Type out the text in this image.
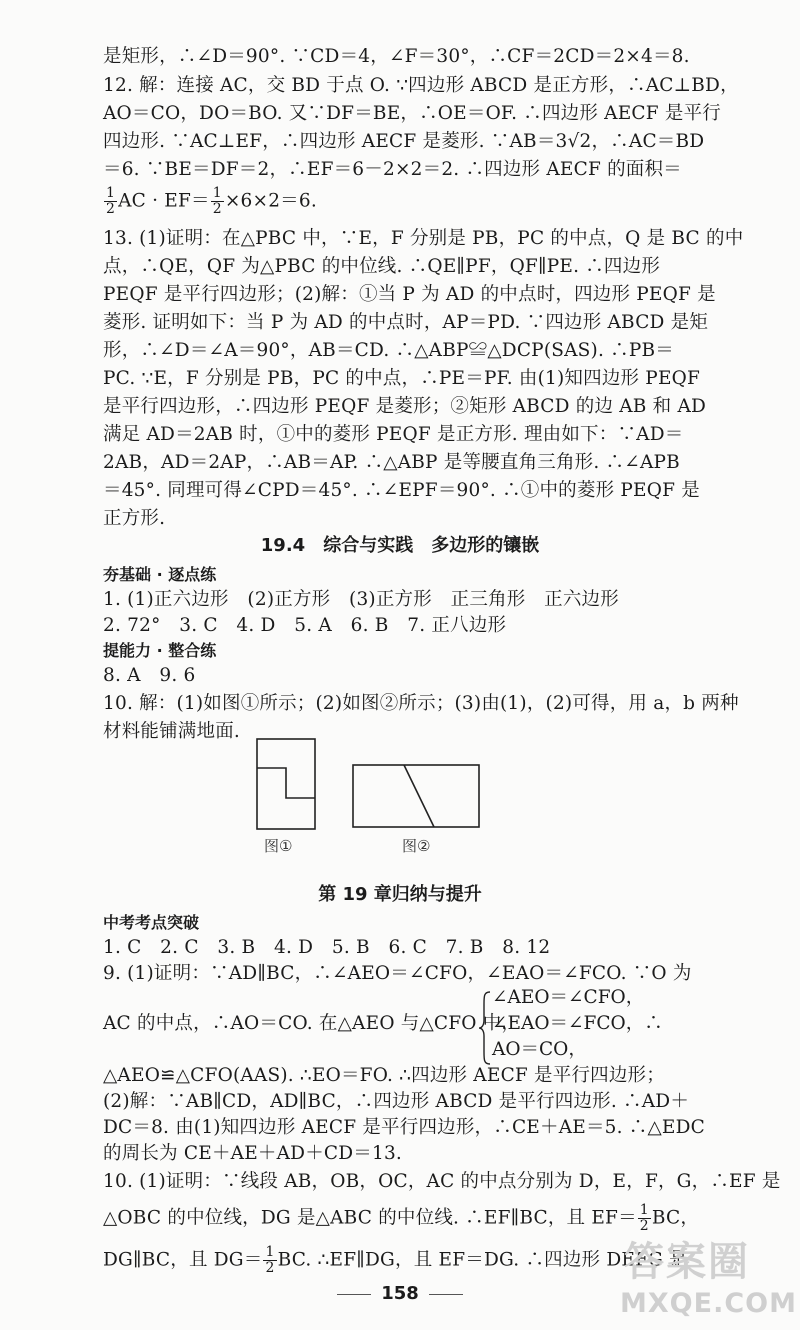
是矩形，∴∠D＝90°. ∵CD＝4，∠F＝30°，∴CF＝2CD＝2×4＝8.
12. 解：连接 AC，交 BD 于点 O. ∵四边形 ABCD 是正方形，∴AC⊥BD，
AO＝CO，DO＝BO. 又∵DF＝BE，∴OE＝OF. ∴四边形 AECF 是平行
四边形. ∵AC⊥EF，∴四边形 AECF 是菱形. ∵AB＝3√2，∴AC＝BD
＝6. ∵BE＝DF＝2，∴EF＝6－2×2＝2. ∴四边形 AECF 的面积＝
$\frac{1}{2}$ AC · $EF= \frac{1}{2} \times 6\times 2=6$.
13. (1)证明：在△PBC 中，∵E，F 分别是 PB，PC 的中点，Q 是 BC 的中
点，∴QE，QF 为△PBC 的中位线. ∴QE∥PF，QF∥PE. ∴四边形
PEQF 是平行四边形；(2)解：①当 P 为 AD 的中点时，四边形 PEQF 是
菱形. 证明如下：当 P 为 AD 的中点时，AP＝PD. ∵四边形 ABCD 是矩
形，∴∠D＝∠A＝90°，AB＝CD. ∴△ABP≌△DCP(SAS). ∴PB＝
PC. ∵E，F 分别是 PB，PC 的中点，∴PE＝PF. 由(1)知四边形 PEQF
是平行四边形，∴四边形 PEQF 是菱形；②矩形 ABCD 的边 AB 和 AD
满足 AD＝2AB 时，①中的菱形 PEQF 是正方形. 理由如下：∵AD＝
2AB，AD＝2AP，∴AB＝AP. ∴△ABP 是等腰直角三角形. ∴∠APB
＝45°. 同理可得∠CPD＝45°. ∴∠EPF＝90°. ∴①中的菱形 PEQF 是
正方形.
19.4　综合与实践　多边形的镶嵌
夯基础 · 逐点练
1. (1)正六边形　(2)正方形　(3)正方形　正三角形　正六边形
2. 72°　3. C　4. D　5. A　6. B　7. 正八边形
提能力 · 整合练
8. A　9. 6
10. 解：(1)如图①所示；(2)如图②所示；(3)由(1)，(2)可得，用 a，b 两种
材料能铺满地面.
图①	图②
第 19 章归纳与提升
中考考点突破
1. C　2. C　3. B　4. D　5. B　6. C　7. B　8. 12
9. (1)证明：∵AD∥BC，∴∠AEO＝∠CFO，∠EAO＝∠FCO. ∵O 为
AC 的中点，∴AO＝CO. 在△AEO 与△CFO 中，
∠AEO＝∠CFO，
∠EAO＝∠FCO，∴
AO＝CO，
△AEO≌△CFO(AAS). ∴EO＝FO. ∴四边形 AECF 是平行四边形；
(2)解：∵AB∥CD，AD∥BC，∴四边形 ABCD 是平行四边形. ∴AD＋
DC＝8. 由(1)知四边形 AECF 是平行四边形，∴CE＋AE＝5. ∴△EDC
的周长为 CE＋AE＋AD＋CD＝13.
10. (1)证明：∵线段 AB，OB，OC，AC 的中点分别为 D，E，F，G，∴EF 是
△OBC 的中位线，DG 是△ABC 的中位线. ∴EF∥BC，且 $EF= \frac{1}{2}$ BC，
DG∥BC，且 $DG= \frac{1}{2}$ BC. ∴EF∥DG，且 EF＝DG. ∴四边形 DEFG 是
158
答案圈
MXQE.COM
